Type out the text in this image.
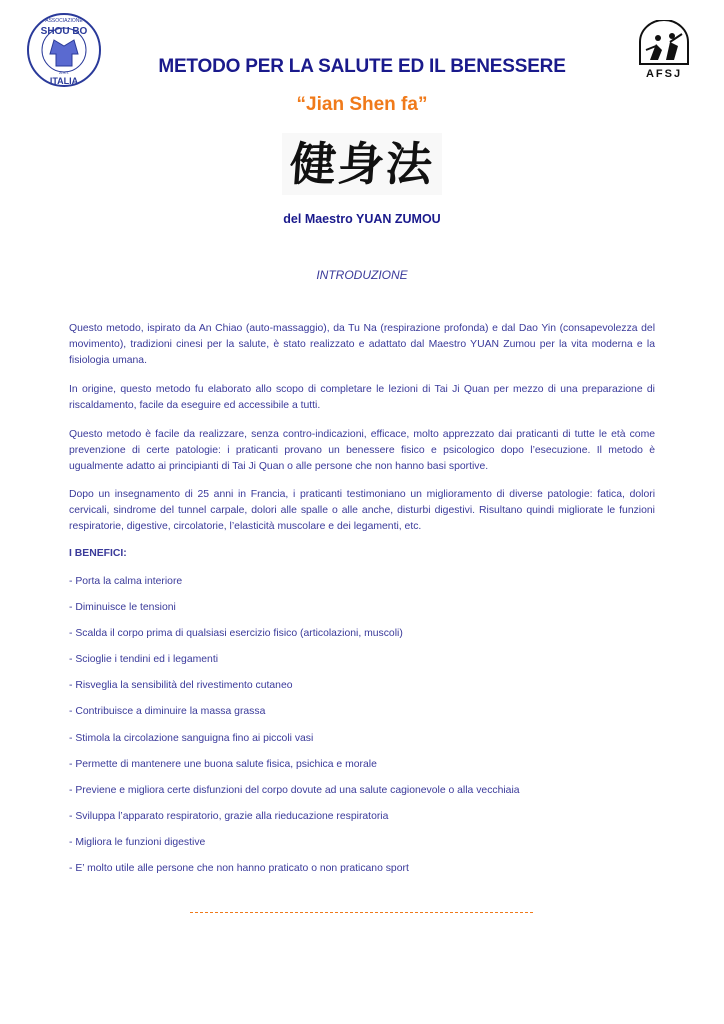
ASSOCIAZIONE
SHOU BO
A.S.I.
ITALIA
AFSJ
METODO PER LA SALUTE ED IL BENESSERE
“Jian Shen fa”
健身法
del Maestro YUAN ZUMOU
INTRODUZIONE
Questo metodo, ispirato da An Chiao (auto-massaggio), da Tu Na (respirazione profonda) e dal Dao Yin (consapevolezza del movimento), tradizioni cinesi per la salute, è stato realizzato e adattato dal Maestro YUAN Zumou per la vita moderna e la fisiologia umana.
In origine, questo metodo fu elaborato allo scopo di completare le lezioni di Tai Ji Quan per mezzo di una preparazione di riscaldamento, facile da eseguire ed accessibile a tutti.
Questo metodo è facile da realizzare, senza contro-indicazioni, efficace, molto apprezzato dai praticanti di tutte le età come prevenzione di certe patologie: i praticanti provano un benessere fisico e psicologico dopo l’esecuzione. Il metodo è ugualmente adatto ai principianti di Tai Ji Quan o alle persone che non hanno basi sportive.
Dopo un insegnamento di 25 anni in Francia, i praticanti testimoniano un miglioramento di diverse patologie: fatica, dolori cervicali, sindrome del tunnel carpale, dolori alle spalle o alle anche, disturbi digestivi. Risultano quindi migliorate le funzioni respiratorie, digestive, circolatorie, l’elasticità muscolare e dei legamenti, etc.
I BENEFICI:
- Porta la calma interiore
- Diminuisce le tensioni
- Scalda il corpo prima di qualsiasi esercizio fisico (articolazioni, muscoli)
- Scioglie i tendini ed i legamenti
- Risveglia la sensibilità del rivestimento cutaneo
- Contribuisce a diminuire la massa grassa
- Stimola la circolazione sanguigna fino ai piccoli vasi
- Permette di mantenere une buona salute fisica, psichica e morale
- Previene e migliora certe disfunzioni del corpo dovute ad una salute cagionevole o alla vecchiaia
- Sviluppa l’apparato respiratorio, grazie alla rieducazione respiratoria
- Migliora le funzioni digestive
- E’ molto utile alle persone che non hanno praticato o non praticano sport
